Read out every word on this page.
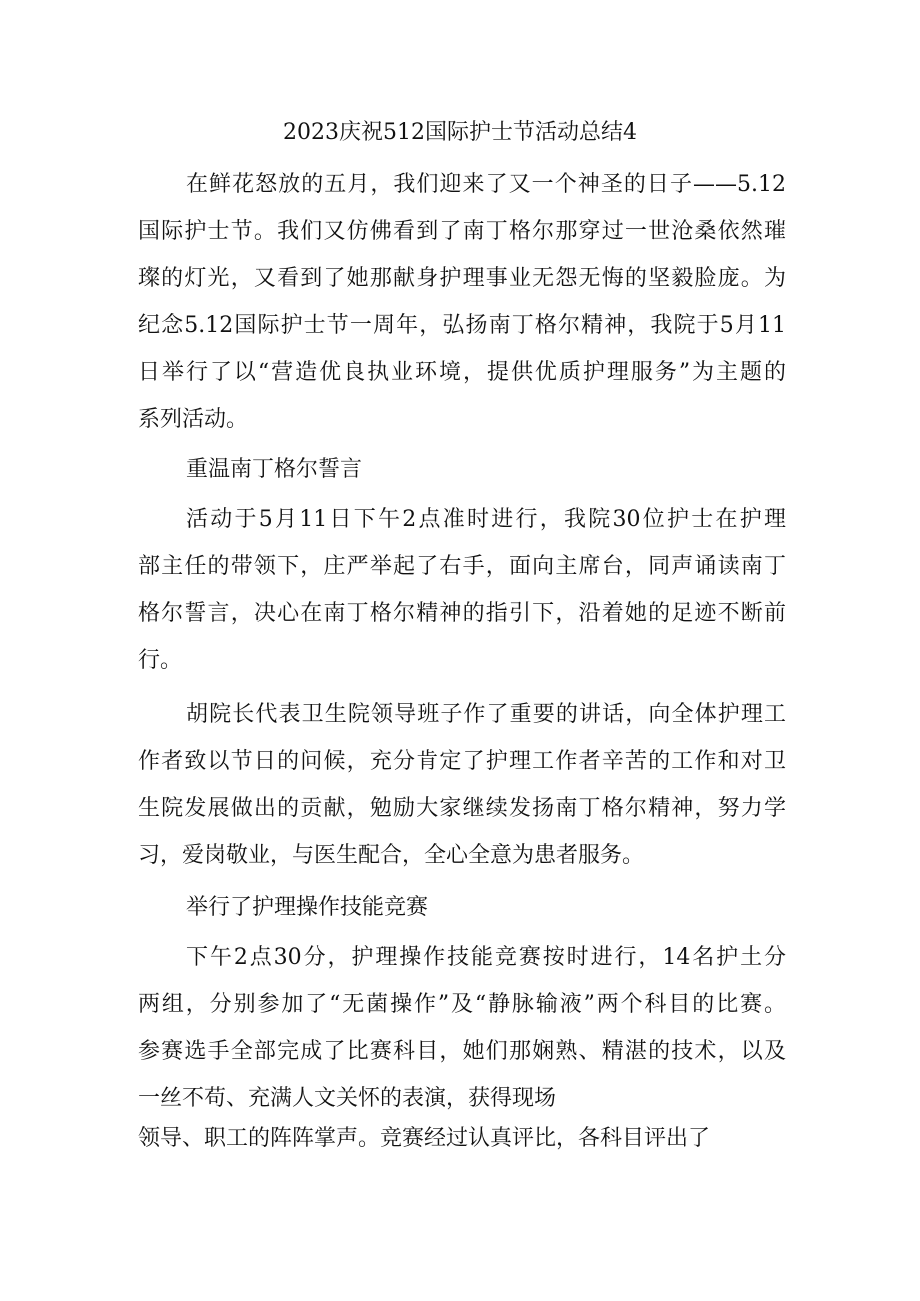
2023庆祝512国际护士节活动总结4
在鲜花怒放的五月，我们迎来了又一个神圣的日子——5.12
国际护士节。我们又仿佛看到了南丁格尔那穿过一世沧桑依然璀
璨的灯光，又看到了她那献身护理事业无怨无悔的坚毅脸庞。为
纪念5.12国际护士节一周年，弘扬南丁格尔精神，我院于5月11
日举行了以“营造优良执业环境，提供优质护理服务”为主题的
系列活动。
重温南丁格尔誓言
活动于5月11日下午2点准时进行，我院30位护士在护理
部主任的带领下，庄严举起了右手，面向主席台，同声诵读南丁
格尔誓言，决心在南丁格尔精神的指引下，沿着她的足迹不断前
行。
胡院长代表卫生院领导班子作了重要的讲话，向全体护理工
作者致以节日的问候，充分肯定了护理工作者辛苦的工作和对卫
生院发展做出的贡献，勉励大家继续发扬南丁格尔精神，努力学
习，爱岗敬业，与医生配合，全心全意为患者服务。
举行了护理操作技能竞赛
下午2点30分，护理操作技能竞赛按时进行，14名护土分
两组，分别参加了“无菌操作”及“静脉输液”两个科目的比赛。
参赛选手全部完成了比赛科目，她们那娴熟、精湛的技术，以及
一丝不苟、充满人文关怀的表演，获得现场
领导、职工的阵阵掌声。竞赛经过认真评比，各科目评出了
